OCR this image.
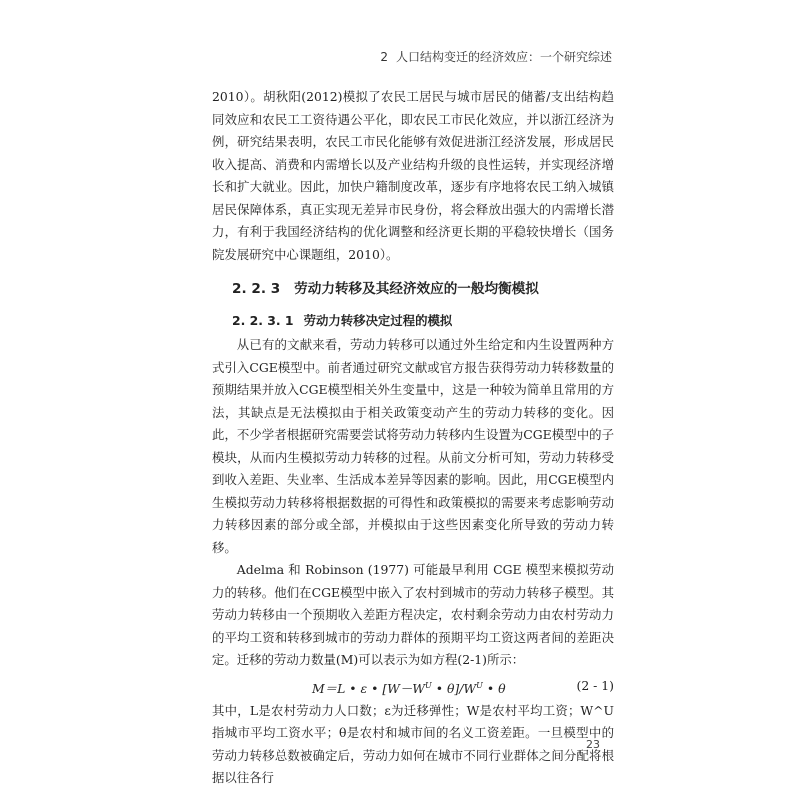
2 人口结构变迁的经济效应：一个研究综述

2010）。胡秋阳(2012)模拟了农民工居民与城市居民的储蓄/支出结构趋同效应和农民工工资待遇公平化，即农民工市民化效应，并以浙江经济为例，研究结果表明，农民工市民化能够有效促进浙江经济发展，形成居民收入提高、消费和内需增长以及产业结构升级的良性运转，并实现经济增长和扩大就业。因此，加快户籍制度改革，逐步有序地将农民工纳入城镇居民保障体系，真正实现无差异市民身份，将会释放出强大的内需增长潜力，有利于我国经济结构的优化调整和经济更长期的平稳较快增长（国务院发展研究中心课题组，2010）。

2. 2. 3 劳动力转移及其经济效应的一般均衡模拟
2. 2. 3. 1 劳动力转移决定过程的模拟

从已有的文献来看，劳动力转移可以通过外生给定和内生设置两种方式引入CGE模型中。前者通过研究文献或官方报告获得劳动力转移数量的预期结果并放入CGE模型相关外生变量中，这是一种较为简单且常用的方法，其缺点是无法模拟由于相关政策变动产生的劳动力转移的变化。因此，不少学者根据研究需要尝试将劳动力转移内生设置为CGE模型中的子模块，从而内生模拟劳动力转移的过程。从前文分析可知，劳动力转移受到收入差距、失业率、生活成本差异等因素的影响。因此，用CGE模型内生模拟劳动力转移将根据数据的可得性和政策模拟的需要来考虑影响劳动力转移因素的部分或全部，并模拟由于这些因素变化所导致的劳动力转移。

Adelma 和 Robinson (1977) 可能最早利用 CGE 模型来模拟劳动力的转移。他们在CGE模型中嵌入了农村到城市的劳动力转移子模型。其劳动力转移由一个预期收入差距方程决定，农村剩余劳动力由农村劳动力的平均工资和转移到城市的劳动力群体的预期平均工资这两者间的差距决定。迁移的劳动力数量(M)可以表示为如方程(2-1)所示：

M＝L • ε • [$W-W^U$ • $\theta]/W^U$ • θ	(2 - 1)

其中，L是农村劳动力人口数；ε为迁移弹性；W是农村平均工资；W^U指城市平均工资水平；θ是农村和城市间的名义工资差距。一旦模型中的劳动力转移总数被确定后，劳动力如何在城市不同行业群体之间分配将根据以往各行

23
